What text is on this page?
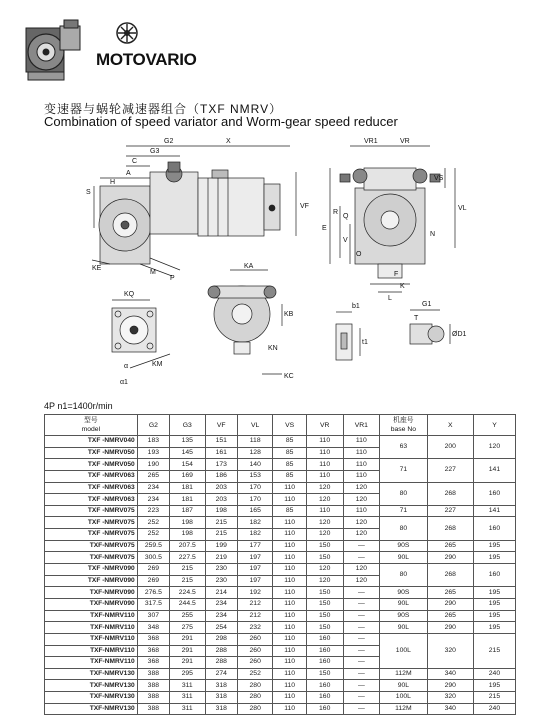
MOTOVARIO
变速器与蜗轮减速器组合（TXF NMRV）
Combination of speed variator and Worm-gear speed reducer
G2	X
G3
C
A
H
S
VF
KE
M
P
VR1	VR
VS
VL
E
R
Q
V
N
O
F
K
L
KA
KB
KN
KC
KQ
KM
α
α1
b1
t1
G1
T
ØD1
4P n1=1400r/min
型号
model	G2	G3	VF	VL	VS	VR	VR1	机座号
base No	X	Y
TXF -NMRV040	183	135	151	118	85	110	110	63	200	120
TXF -NMRV050	193	145	161	128	85	110	110			
TXF -NMRV050	190	154	173	140	85	110	110	71	227	141
TXF -NMRV063	265	169	186	153	85	110	110			
TXF -NMRV063	234	181	203	170	110	120	120	80	268	160
TXF -NMRV063	234	181	203	170	110	120	120			
TXF -NMRV075	223	187	198	165	85	110	110	71	227	141
TXF -NMRV075	252	198	215	182	110	120	120	80	268	160
TXF -NMRV075	252	198	215	182	110	120	120			
TXF-NMRV075	259.5	207.5	199	177	110	150	—	90S	265	195
TXF-NMRV075	300.5	227.5	219	197	110	150	—	90L	290	195
TXF -NMRV090	269	215	230	197	110	120	120	80	268	160
TXF -NMRV090	269	215	230	197	110	120	120			
TXF-NMRV090	276.5	224.5	214	192	110	150	—	90S	265	195
TXF-NMRV090	317.5	244.5	234	212	110	150	—	90L	290	195
TXF-NMRV110	307	255	234	212	110	150	—	90S	265	195
TXF-NMRV110	348	275	254	232	110	150	—	90L	290	195
TXF-NMRV110	368	291	298	260	110	160	—	100L	320	215
TXF-NMRV110	368	291	288	260	110	160	—			
TXF-NMRV110	368	291	288	260	110	160	—			
TXF-NMRV130	388	295	274	252	110	150	—	112M	340	240
TXF-NMRV130	388	311	318	280	110	160	—	90L	290	195
TXF-NMRV130	388	311	318	280	110	160	—	100L	320	215
TXF-NMRV130	388	311	318	280	110	160	—	112M	340	240
